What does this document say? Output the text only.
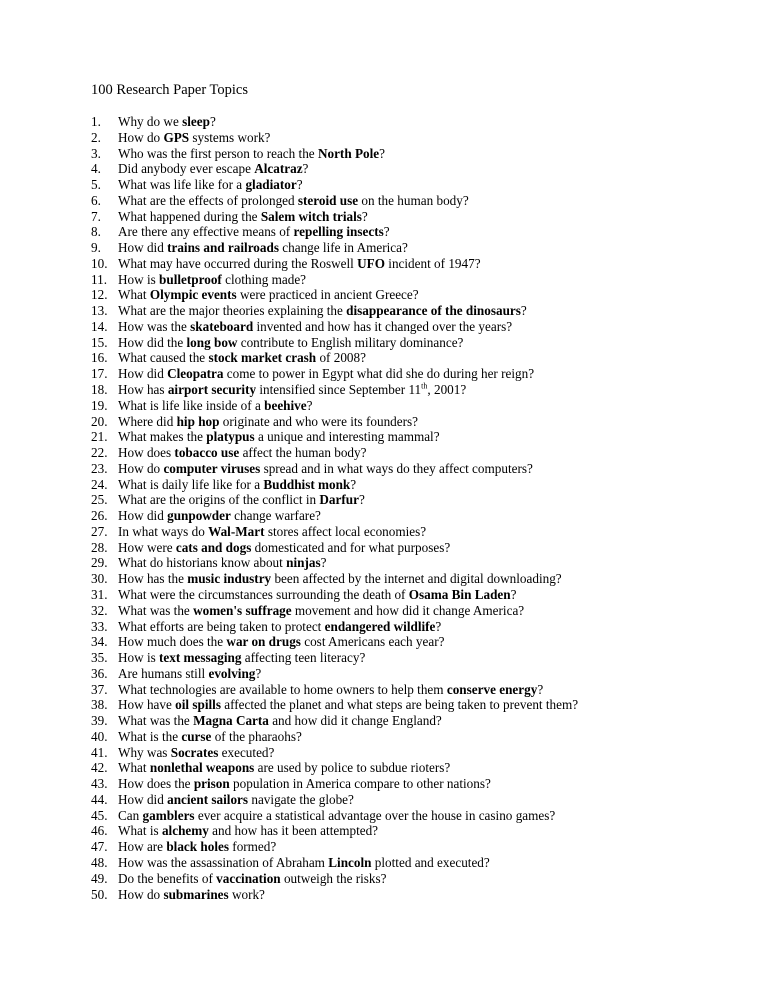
100 Research Paper Topics
1. Why do we sleep?
2. How do GPS systems work?
3. Who was the first person to reach the North Pole?
4. Did anybody ever escape Alcatraz?
5. What was life like for a gladiator?
6. What are the effects of prolonged steroid use on the human body?
7. What happened during the Salem witch trials?
8. Are there any effective means of repelling insects?
9. How did trains and railroads change life in America?
10. What may have occurred during the Roswell UFO incident of 1947?
11. How is bulletproof clothing made?
12. What Olympic events were practiced in ancient Greece?
13. What are the major theories explaining the disappearance of the dinosaurs?
14. How was the skateboard invented and how has it changed over the years?
15. How did the long bow contribute to English military dominance?
16. What caused the stock market crash of 2008?
17. How did Cleopatra come to power in Egypt what did she do during her reign?
18. How has airport security intensified since September 11th, 2001?
19. What is life like inside of a beehive?
20. Where did hip hop originate and who were its founders?
21. What makes the platypus a unique and interesting mammal?
22. How does tobacco use affect the human body?
23. How do computer viruses spread and in what ways do they affect computers?
24. What is daily life like for a Buddhist monk?
25. What are the origins of the conflict in Darfur?
26. How did gunpowder change warfare?
27. In what ways do Wal-Mart stores affect local economies?
28. How were cats and dogs domesticated and for what purposes?
29. What do historians know about ninjas?
30. How has the music industry been affected by the internet and digital downloading?
31. What were the circumstances surrounding the death of Osama Bin Laden?
32. What was the women's suffrage movement and how did it change America?
33. What efforts are being taken to protect endangered wildlife?
34. How much does the war on drugs cost Americans each year?
35. How is text messaging affecting teen literacy?
36. Are humans still evolving?
37. What technologies are available to home owners to help them conserve energy?
38. How have oil spills affected the planet and what steps are being taken to prevent them?
39. What was the Magna Carta and how did it change England?
40. What is the curse of the pharaohs?
41. Why was Socrates executed?
42. What nonlethal weapons are used by police to subdue rioters?
43. How does the prison population in America compare to other nations?
44. How did ancient sailors navigate the globe?
45. Can gamblers ever acquire a statistical advantage over the house in casino games?
46. What is alchemy and how has it been attempted?
47. How are black holes formed?
48. How was the assassination of Abraham Lincoln plotted and executed?
49. Do the benefits of vaccination outweigh the risks?
50. How do submarines work?
